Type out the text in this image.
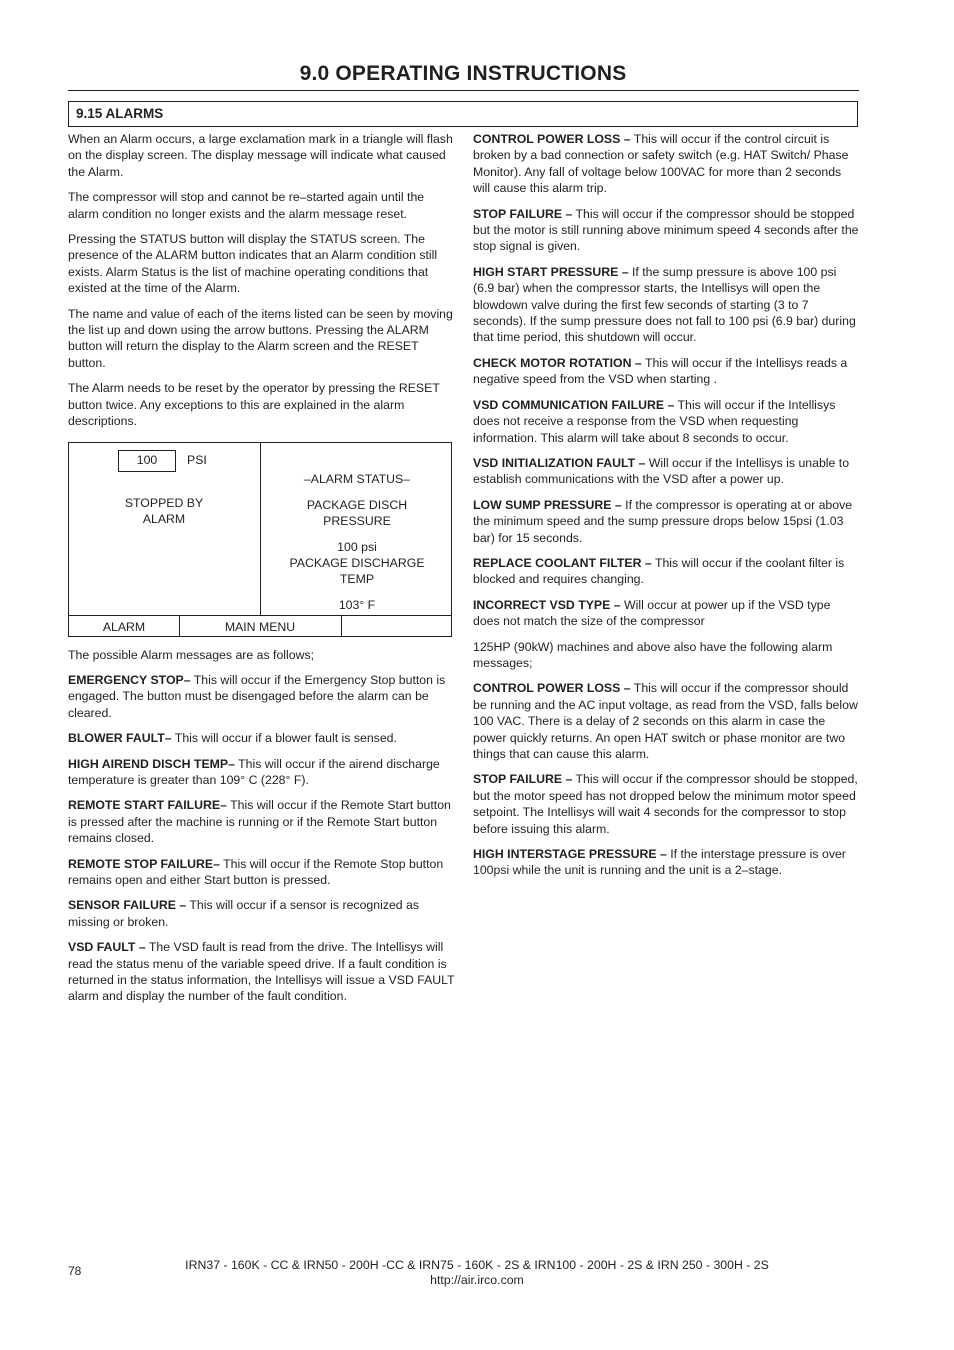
9.0 OPERATING INSTRUCTIONS
9.15 ALARMS

When an Alarm occurs, a large exclamation mark in a triangle will flash on the display screen. The display message will indicate what caused the Alarm.

The compressor will stop and cannot be re–started again until the alarm condition no longer exists and the alarm message reset.

Pressing the STATUS button will display the STATUS screen. The presence of the ALARM button indicates that an Alarm condition still exists. Alarm Status is the list of machine operating conditions that existed at the time of the Alarm.

The name and value of each of the items listed can be seen by moving the list up and down using the arrow buttons. Pressing the ALARM button will return the display to the Alarm screen and the RESET button.

The Alarm needs to be reset by the operator by pressing the RESET button twice. Any exceptions to this are explained in the alarm descriptions.

100	PSI
STOPPED BY
ALARM
–ALARM STATUS–
PACKAGE DISCH
PRESSURE
100 psi
PACKAGE DISCHARGE
TEMP
103° F
ALARM	MAIN MENU

The possible Alarm messages are as follows;

EMERGENCY STOP– This will occur if the Emergency Stop button is engaged. The button must be disengaged before the alarm can be cleared.

BLOWER FAULT– This will occur if a blower fault is sensed.

HIGH AIREND DISCH TEMP– This will occur if the airend discharge temperature is greater than 109° C (228° F).

REMOTE START FAILURE– This will occur if the Remote Start button is pressed after the machine is running or if the Remote Start button remains closed.

REMOTE STOP FAILURE– This will occur if the Remote Stop button remains open and either Start button is pressed.

SENSOR FAILURE – This will occur if a sensor is recognized as missing or broken.

VSD FAULT – The VSD fault is read from the drive. The Intellisys will read the status menu of the variable speed drive. If a fault condition is returned in the status information, the Intellisys will issue a VSD FAULT alarm and display the number of the fault condition.

CONTROL POWER LOSS – This will occur if the control circuit is broken by a bad connection or safety switch (e.g. HAT Switch/ Phase Monitor). Any fall of voltage below 100VAC for more than 2 seconds will cause this alarm trip.

STOP FAILURE – This will occur if the compressor should be stopped but the motor is still running above minimum speed 4 seconds after the stop signal is given.

HIGH START PRESSURE – If the sump pressure is above 100 psi (6.9 bar) when the compressor starts, the Intellisys will open the blowdown valve during the first few seconds of starting (3 to 7 seconds). If the sump pressure does not fall to 100 psi (6.9 bar) during that time period, this shutdown will occur.

CHECK MOTOR ROTATION – This will occur if the Intellisys reads a negative speed from the VSD when starting .

VSD COMMUNICATION FAILURE – This will occur if the Intellisys does not receive a response from the VSD when requesting information. This alarm will take about 8 seconds to occur.

VSD INITIALIZATION FAULT – Will occur if the Intellisys is unable to establish communications with the VSD after a power up.

LOW SUMP PRESSURE – If the compressor is operating at or above the minimum speed and the sump pressure drops below 15psi (1.03 bar) for 15 seconds.

REPLACE COOLANT FILTER – This will occur if the coolant filter is blocked and requires changing.

INCORRECT VSD TYPE – Will occur at power up if the VSD type does not match the size of the compressor

125HP (90kW) machines and above also have the following alarm messages;

CONTROL POWER LOSS – This will occur if the compressor should be running and the AC input voltage, as read from the VSD, falls below 100 VAC. There is a delay of 2 seconds on this alarm in case the power quickly returns. An open HAT switch or phase monitor are two things that can cause this alarm.

STOP FAILURE – This will occur if the compressor should be stopped, but the motor speed has not dropped below the minimum motor speed setpoint. The Intellisys will wait 4 seconds for the compressor to stop before issuing this alarm.

HIGH INTERSTAGE PRESSURE – If the interstage pressure is over 100psi while the unit is running and the unit is a 2–stage.

78	IRN37 - 160K - CC & IRN50 - 200H -CC & IRN75 - 160K - 2S & IRN100 - 200H - 2S & IRN 250 - 300H - 2S
http://air.irco.com
